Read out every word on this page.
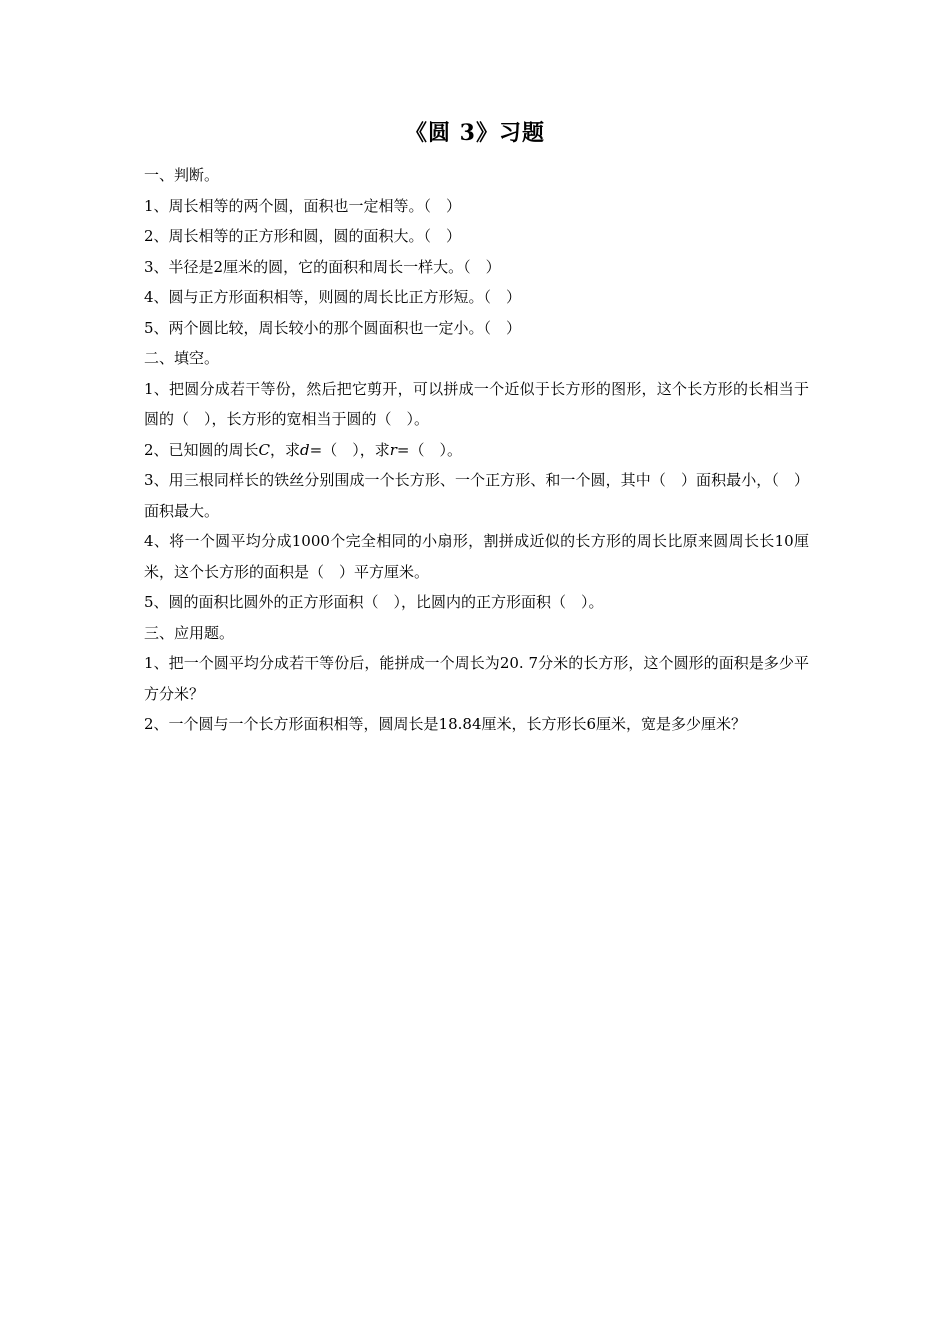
《圆 3》习题

一、判断。

1、周长相等的两个圆，面积也一定相等。（　）

2、周长相等的正方形和圆，圆的面积大。（　）

3、半径是2厘米的圆，它的面积和周长一样大。（　）

4、圆与正方形面积相等，则圆的周长比正方形短。（　）

5、两个圆比较，周长较小的那个圆面积也一定小。（　）

二、填空。

1、把圆分成若干等份，然后把它剪开，可以拼成一个近似于长方形的图形，这个长方形的长相当于圆的（　），长方形的宽相当于圆的（　）。

2、已知圆的周长C，求d=（　），求r=（　）。

3、用三根同样长的铁丝分别围成一个长方形、一个正方形、和一个圆，其中（　）面积最小，（　）面积最大。

4、将一个圆平均分成1000个完全相同的小扇形，割拼成近似的长方形的周长比原来圆周长长10厘米，这个长方形的面积是（　）平方厘米。

5、圆的面积比圆外的正方形面积（　），比圆内的正方形面积（　）。

三、应用题。

1、把一个圆平均分成若干等份后，能拼成一个周长为20. 7分米的长方形，这个圆形的面积是多少平方分米？

2、一个圆与一个长方形面积相等，圆周长是18.84厘米，长方形长6厘米，宽是多少厘米？
